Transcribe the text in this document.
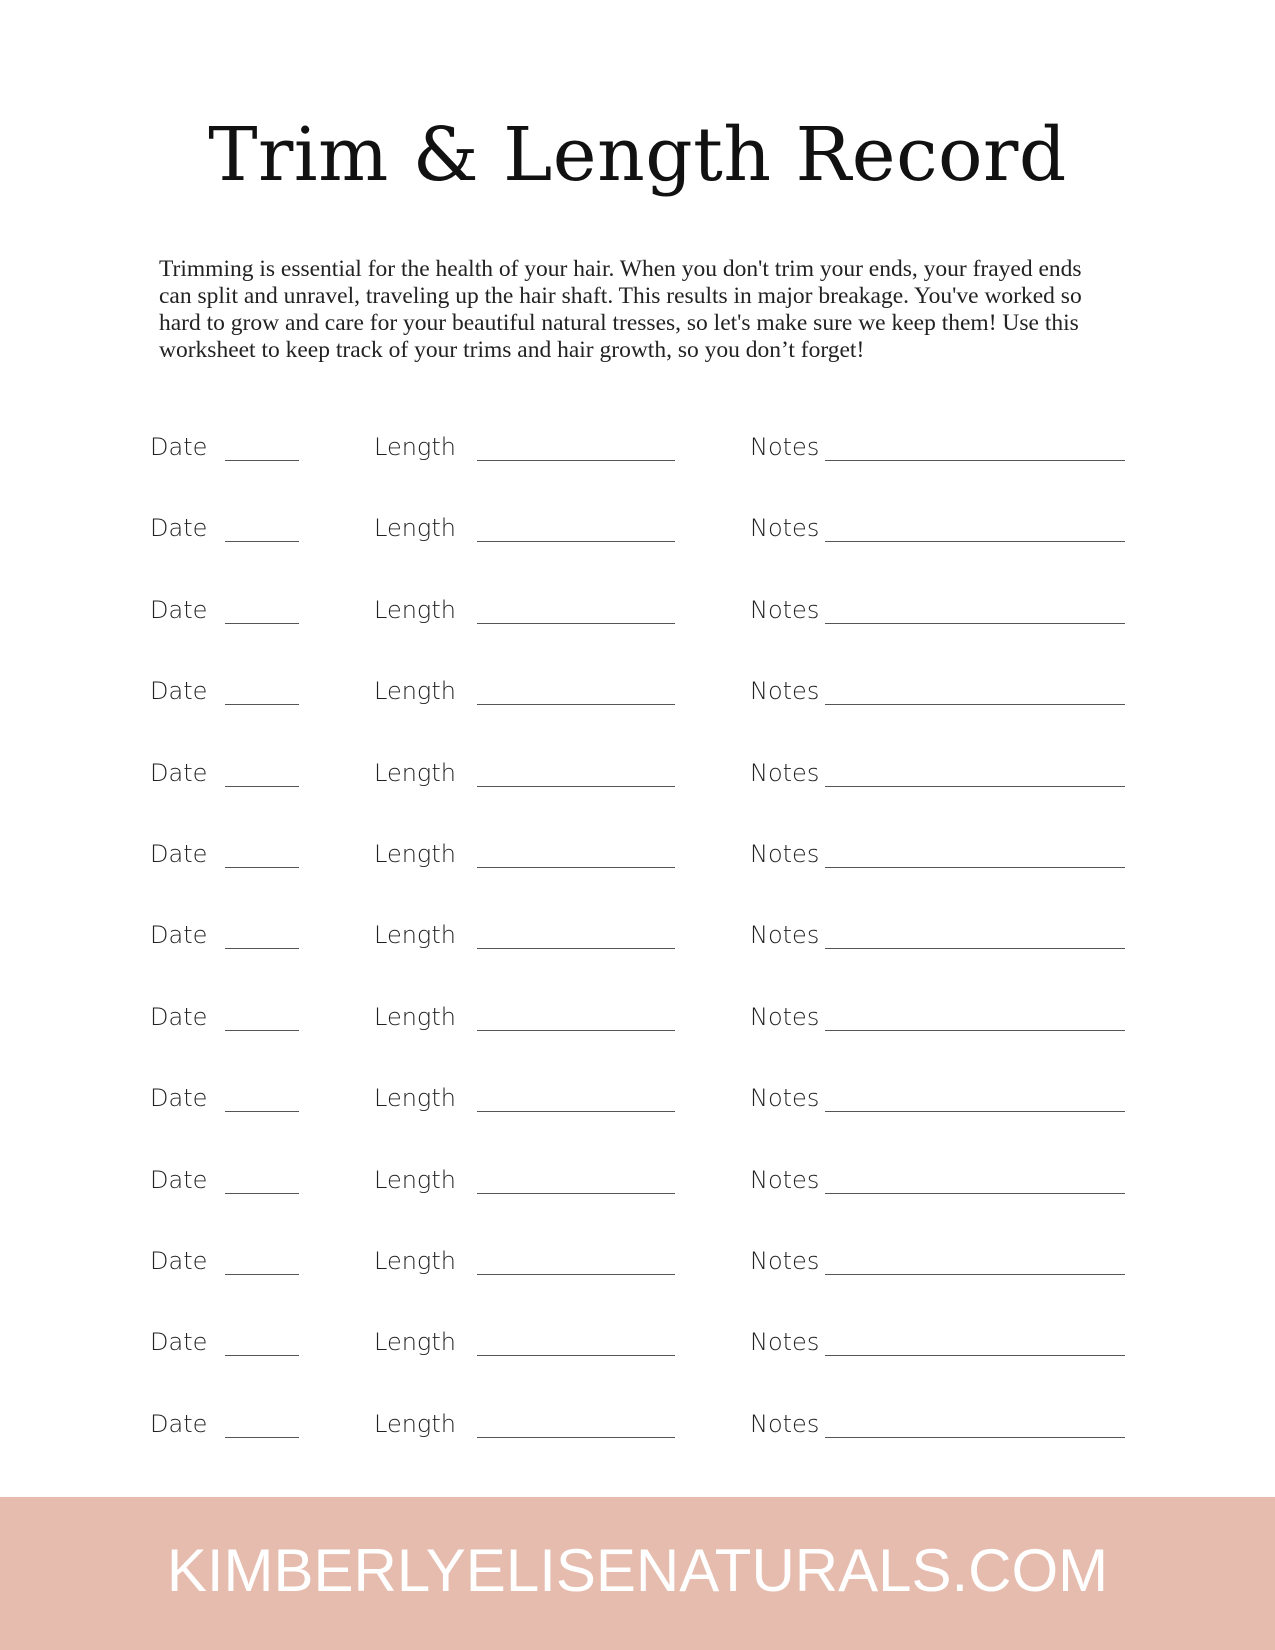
Trim & Length Record

Trimming is essential for the health of your hair. When you don't trim your ends, your frayed ends can split and unravel, traveling up the hair shaft. This results in major breakage. You've worked so hard to grow and care for your beautiful natural tresses, so let's make sure we keep them! Use this worksheet to keep track of your trims and hair growth, so you don’t forget!

Date	Length	Notes
Date	Length	Notes
Date	Length	Notes
Date	Length	Notes
Date	Length	Notes
Date	Length	Notes
Date	Length	Notes
Date	Length	Notes
Date	Length	Notes
Date	Length	Notes
Date	Length	Notes
Date	Length	Notes
Date	Length	Notes
KIMBERLYELISENATURALS.COM
